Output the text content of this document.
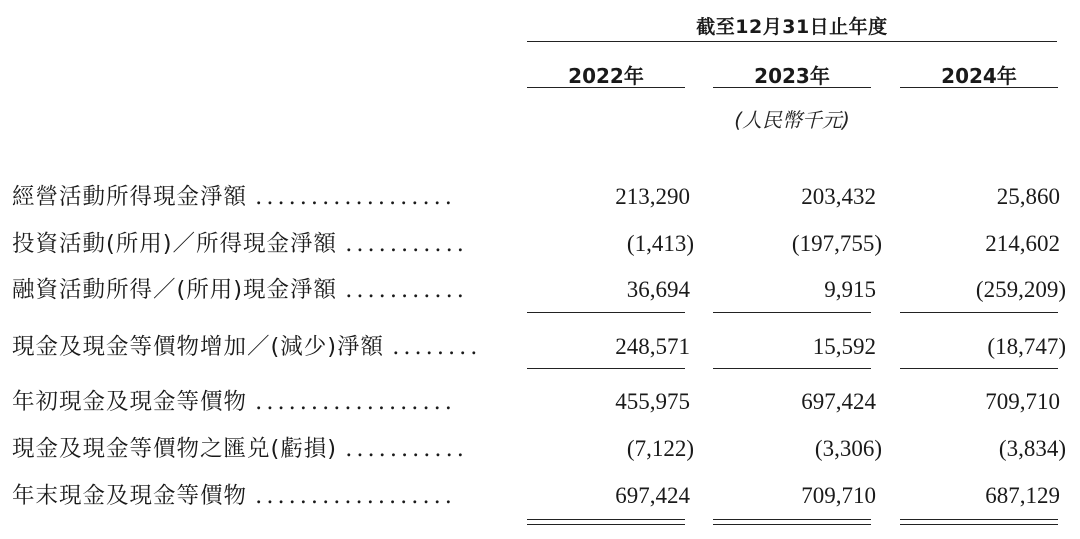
截至12月31日止年度
2022年	2023年	2024年
(人民幣千元)
經營活動所得現金淨額 ..................	213,290	203,432	25,860
投資活動(所用)／所得現金淨額 ...........	(1,413)	(197,755)	214,602
融資活動所得／(所用)現金淨額 ...........	36,694	9,915	(259,209)
現金及現金等價物增加／(減少)淨額 ........	248,571	15,592	(18,747)
年初現金及現金等價物 ..................	455,975	697,424	709,710
現金及現金等價物之匯兑(虧損) ...........	(7,122)	(3,306)	(3,834)
年末現金及現金等價物 ..................	697,424	709,710	687,129
